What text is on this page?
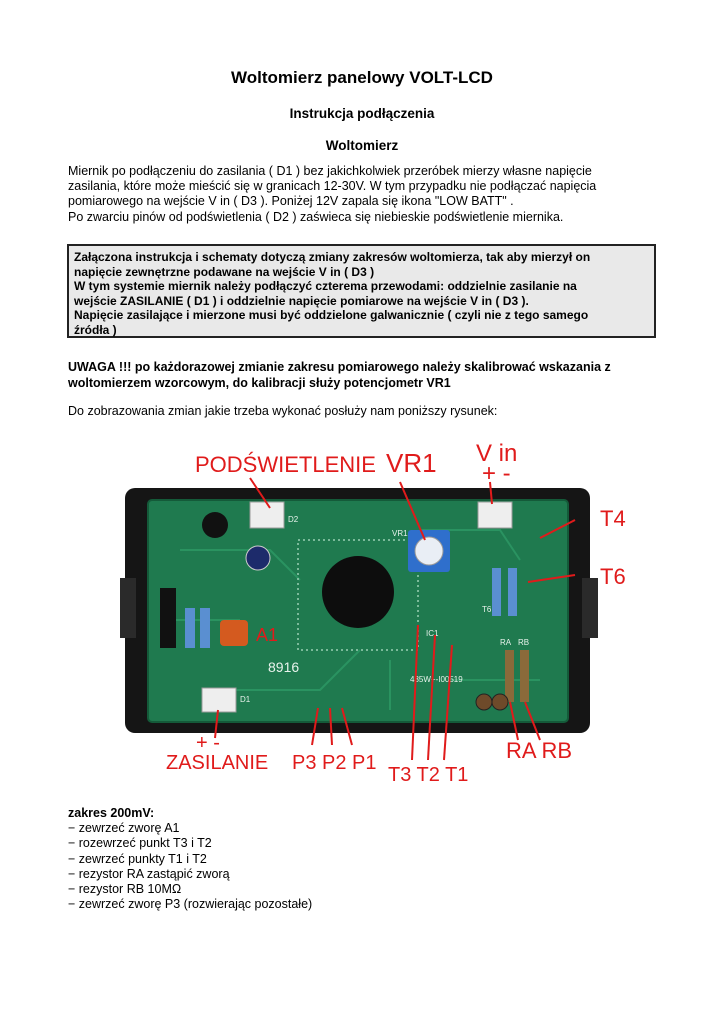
Woltomierz panelowy VOLT-LCD
Instrukcja podłączenia
Woltomierz
Miernik po podłączeniu do zasilania ( D1 ) bez jakichkolwiek przeróbek mierzy własne napięcie
zasilania, które może mieścić się w granicach 12-30V. W tym przypadku nie podłączać napięcia
pomiarowego na wejście V in ( D3 ). Poniżej 12V zapala się ikona "LOW BATT" .
Po zwarciu pinów od podświetlenia ( D2 ) zaświeca się niebieskie podświetlenie miernika.
Załączona instrukcja i schematy dotyczą zmiany zakresów woltomierza, tak aby mierzył on
napięcie zewnętrzne podawane na wejście V in ( D3 )
W tym systemie miernik należy podłączyć czterema przewodami: oddzielnie zasilanie na
wejście ZASILANIE ( D1 ) i oddzielnie napięcie pomiarowe na wejście V in ( D3 ).
Napięcie zasilające i mierzone musi być oddzielone galwanicznie ( czyli nie z tego samego
źródła )
UWAGA !!! po każdorazowej zmianie zakresu pomiarowego należy skalibrować wskazania z
woltomierzem wzorcowym, do kalibracji służy potencjometr VR1
Do zobrazowania zmian jakie trzeba wykonać posłuży nam poniższy rysunek:
8916
435W+-I00519
IC1
VR1
D2
D1
RA RB
T6
PODŚWIETLENIE VR1 V in
+ -
T4
T6
A1
+ -
ZASILANIE P3 P2 P1
T3 T2 T1
RA RB
zakres 200mV:
− zewrzeć zworę A1
− rozewrzeć punkt T3 i T2
− zewrzeć punkty T1 i T2
− rezystor RA zastąpić zworą
− rezystor RB 10MΩ
− zewrzeć zworę P3 (rozwierając pozostałe)
